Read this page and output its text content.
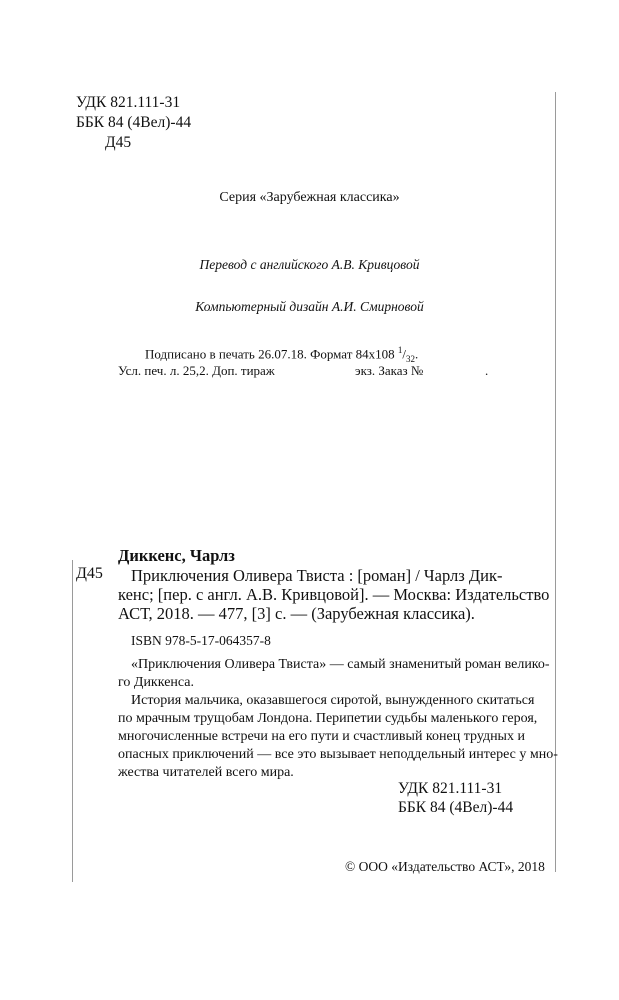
УДК 821.111-31
ББК 84 (4Вел)-44
Д45
Серия «Зарубежная классика»
Перевод с английского А.В. Кривцовой
Компьютерный дизайн А.И. Смирновой
Подписано в печать 26.07.18. Формат 84х108 $^1/_{32}$.
Усл. печ. л. 25,2. Доп. тираж	экз. Заказ №	.
Диккенс, Чарлз
Д45 Приключения Оливера Твиста : [роман] / Чарлз Дик-
кенс; [пер. с англ. А.В. Кривцовой]. — Москва: Издательство
АСТ, 2018. — 477, [3] с. — (Зарубежная классика).
ISBN 978-5-17-064357-8
«Приключения Оливера Твиста» — самый знаменитый роман велико-
го Диккенса.
История мальчика, оказавшегося сиротой, вынужденного скитаться
по мрачным трущобам Лондона. Перипетии судьбы маленького героя,
многочисленные встречи на его пути и счастливый конец трудных и
опасных приключений — все это вызывает неподдельный интерес у мно-
жества читателей всего мира.
УДК 821.111-31
ББК 84 (4Вел)-44
© ООО «Издательство АСТ», 2018
